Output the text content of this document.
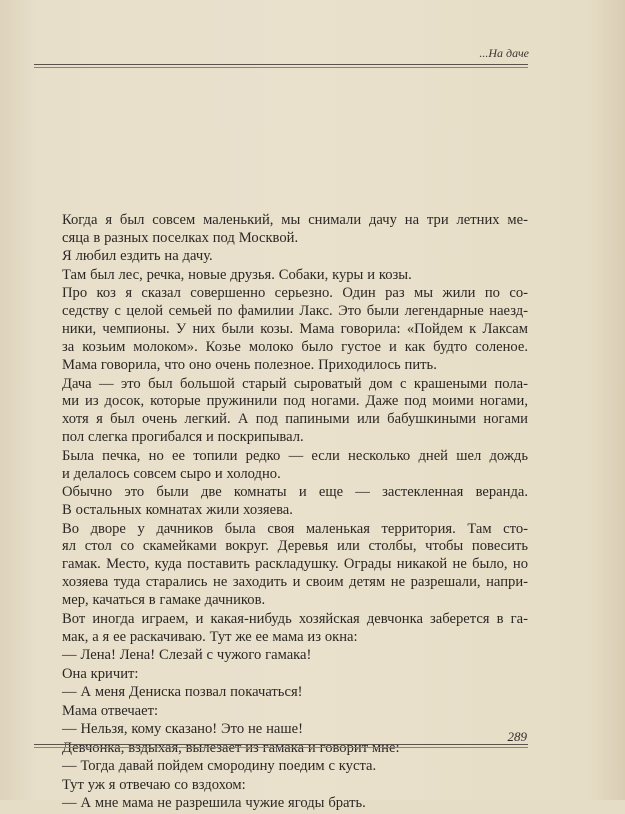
...На даче
Когда я был совсем маленький, мы снимали дачу на три летних ме-
сяца в разных поселках под Москвой.
Я любил ездить на дачу.
Там был лес, речка, новые друзья. Собаки, куры и козы.
Про коз я сказал совершенно серьезно. Один раз мы жили по со-
седству с целой семьей по фамилии Лакс. Это были легендарные наезд-
ники, чемпионы. У них были козы. Мама говорила: «Пойдем к Лаксам
за козьим молоком». Козье молоко было густое и как будто соленое.
Мама говорила, что оно очень полезное. Приходилось пить.
Дача — это был большой старый сыроватый дом с крашеными пола-
ми из досок, которые пружинили под ногами. Даже под моими ногами,
хотя я был очень легкий. А под папиными или бабушкиными ногами
пол слегка прогибался и поскрипывал.
Была печка, но ее топили редко — если несколько дней шел дождь
и делалось совсем сыро и холодно.
Обычно это были две комнаты и еще — застекленная веранда.
В остальных комнатах жили хозяева.
Во дворе у дачников была своя маленькая территория. Там сто-
ял стол со скамейками вокруг. Деревья или столбы, чтобы повесить
гамак. Место, куда поставить раскладушку. Ограды никакой не было, но
хозяева туда старались не заходить и своим детям не разрешали, напри-
мер, качаться в гамаке дачников.
Вот иногда играем, и какая-нибудь хозяйская девчонка заберется в га-
мак, а я ее раскачиваю. Тут же ее мама из окна:
— Лена! Лена! Слезай с чужого гамака!
Она кричит:
— А меня Дениска позвал покачаться!
Мама отвечает:
— Нельзя, кому сказано! Это не наше!
Девчонка, вздыхая, вылезает из гамака и говорит мне:
— Тогда давай пойдем смородину поедим с куста.
Тут уж я отвечаю со вздохом:
— А мне мама не разрешила чужие ягоды брать.
289
